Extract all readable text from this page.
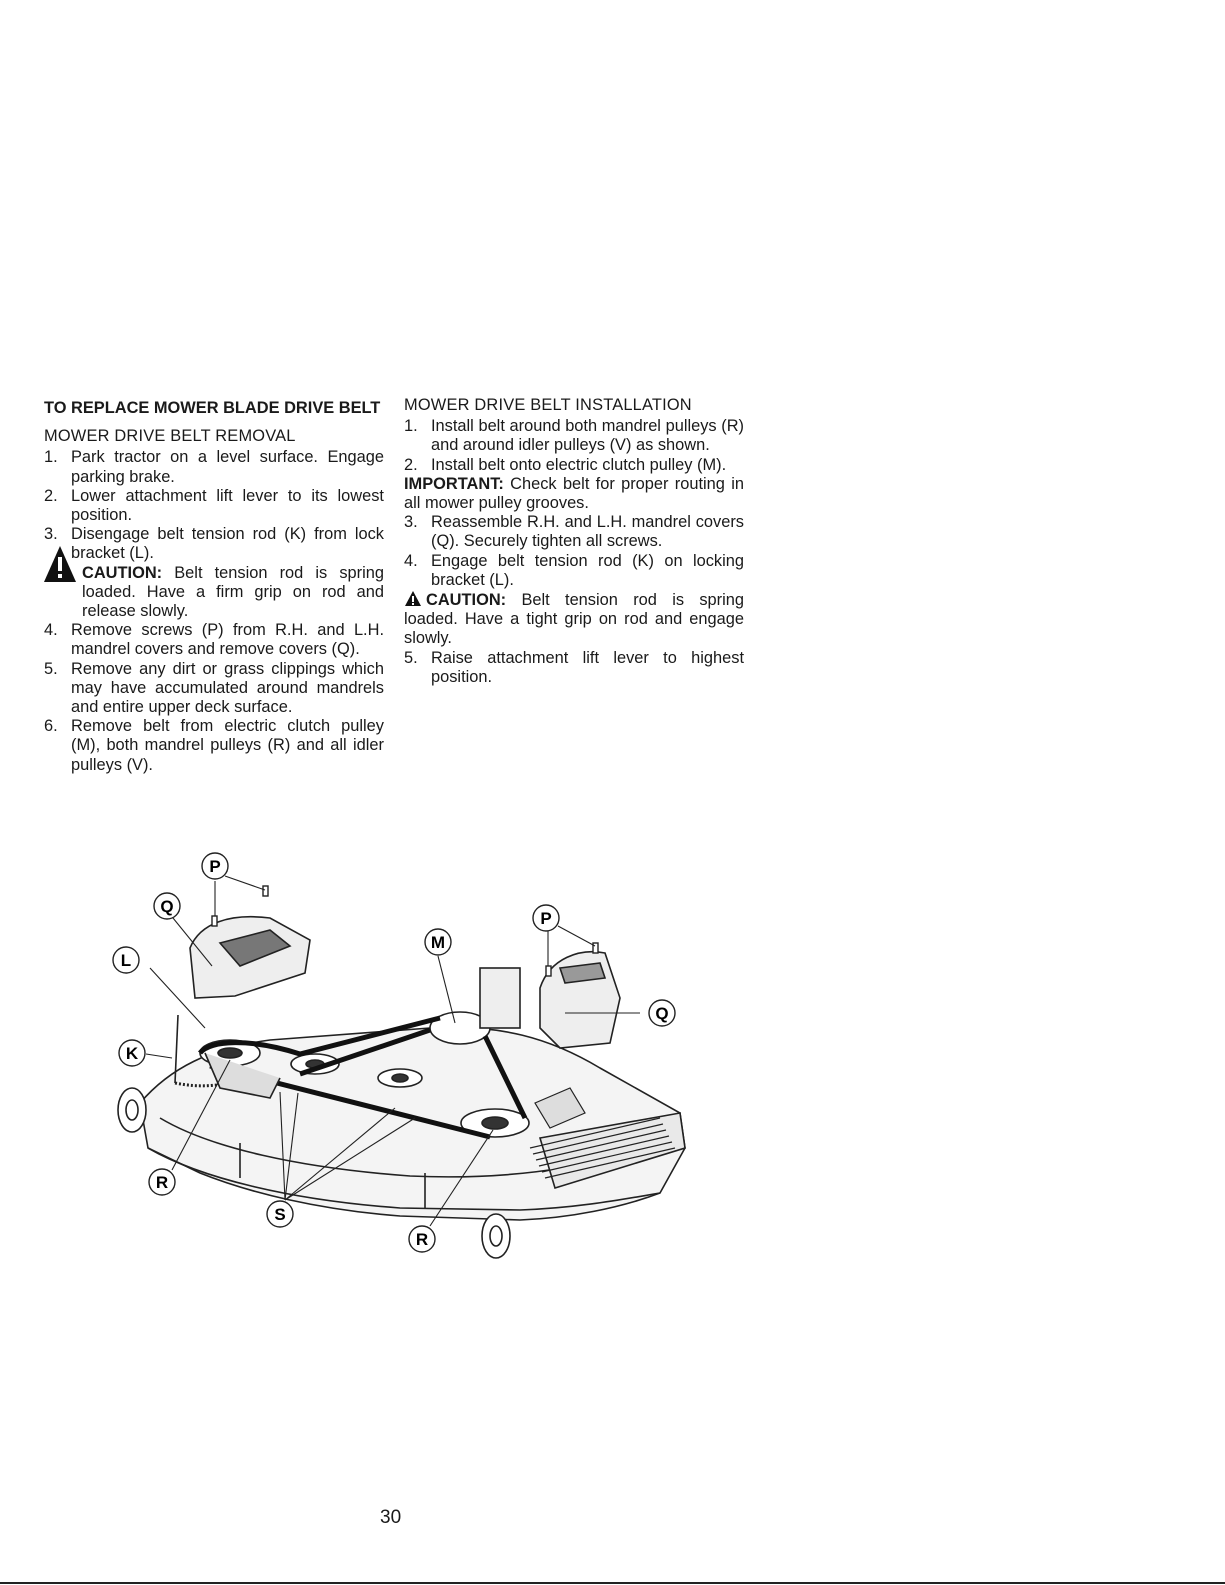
TO REPLACE MOWER BLADE DRIVE BELT
MOWER DRIVE BELT REMOVAL
1. Park tractor on a level surface. Engage parking brake.
2. Lower attachment lift lever to its lowest position.
3. Disengage belt tension rod (K) from lock bracket (L).

CAUTION: Belt tension rod is spring loaded. Have a firm grip on rod and release slowly.

4. Remove screws (P) from R.H. and L.H. mandrel covers and remove covers (Q).
5. Remove any dirt or grass clippings which may have accumulated around mandrels and entire upper deck surface.
6. Remove belt from electric clutch pulley (M), both mandrel pulleys (R) and all idler pulleys (V).
MOWER DRIVE BELT INSTALLATION
1. Install belt around both mandrel pulleys (R) and around idler pulleys (V) as shown.
2. Install belt onto electric clutch pulley (M).

IMPORTANT: Check belt for proper routing in all mower pulley grooves.

3. Reassemble R.H. and L.H. mandrel covers (Q). Securely tighten all screws.
4. Engage belt tension rod (K) on locking bracket (L).

CAUTION: Belt tension rod is spring loaded. Have a tight grip on rod and engage slowly.

5. Raise attachment lift lever to highest position.
P
Q
L
K
R
S
M
P
Q
R
30
